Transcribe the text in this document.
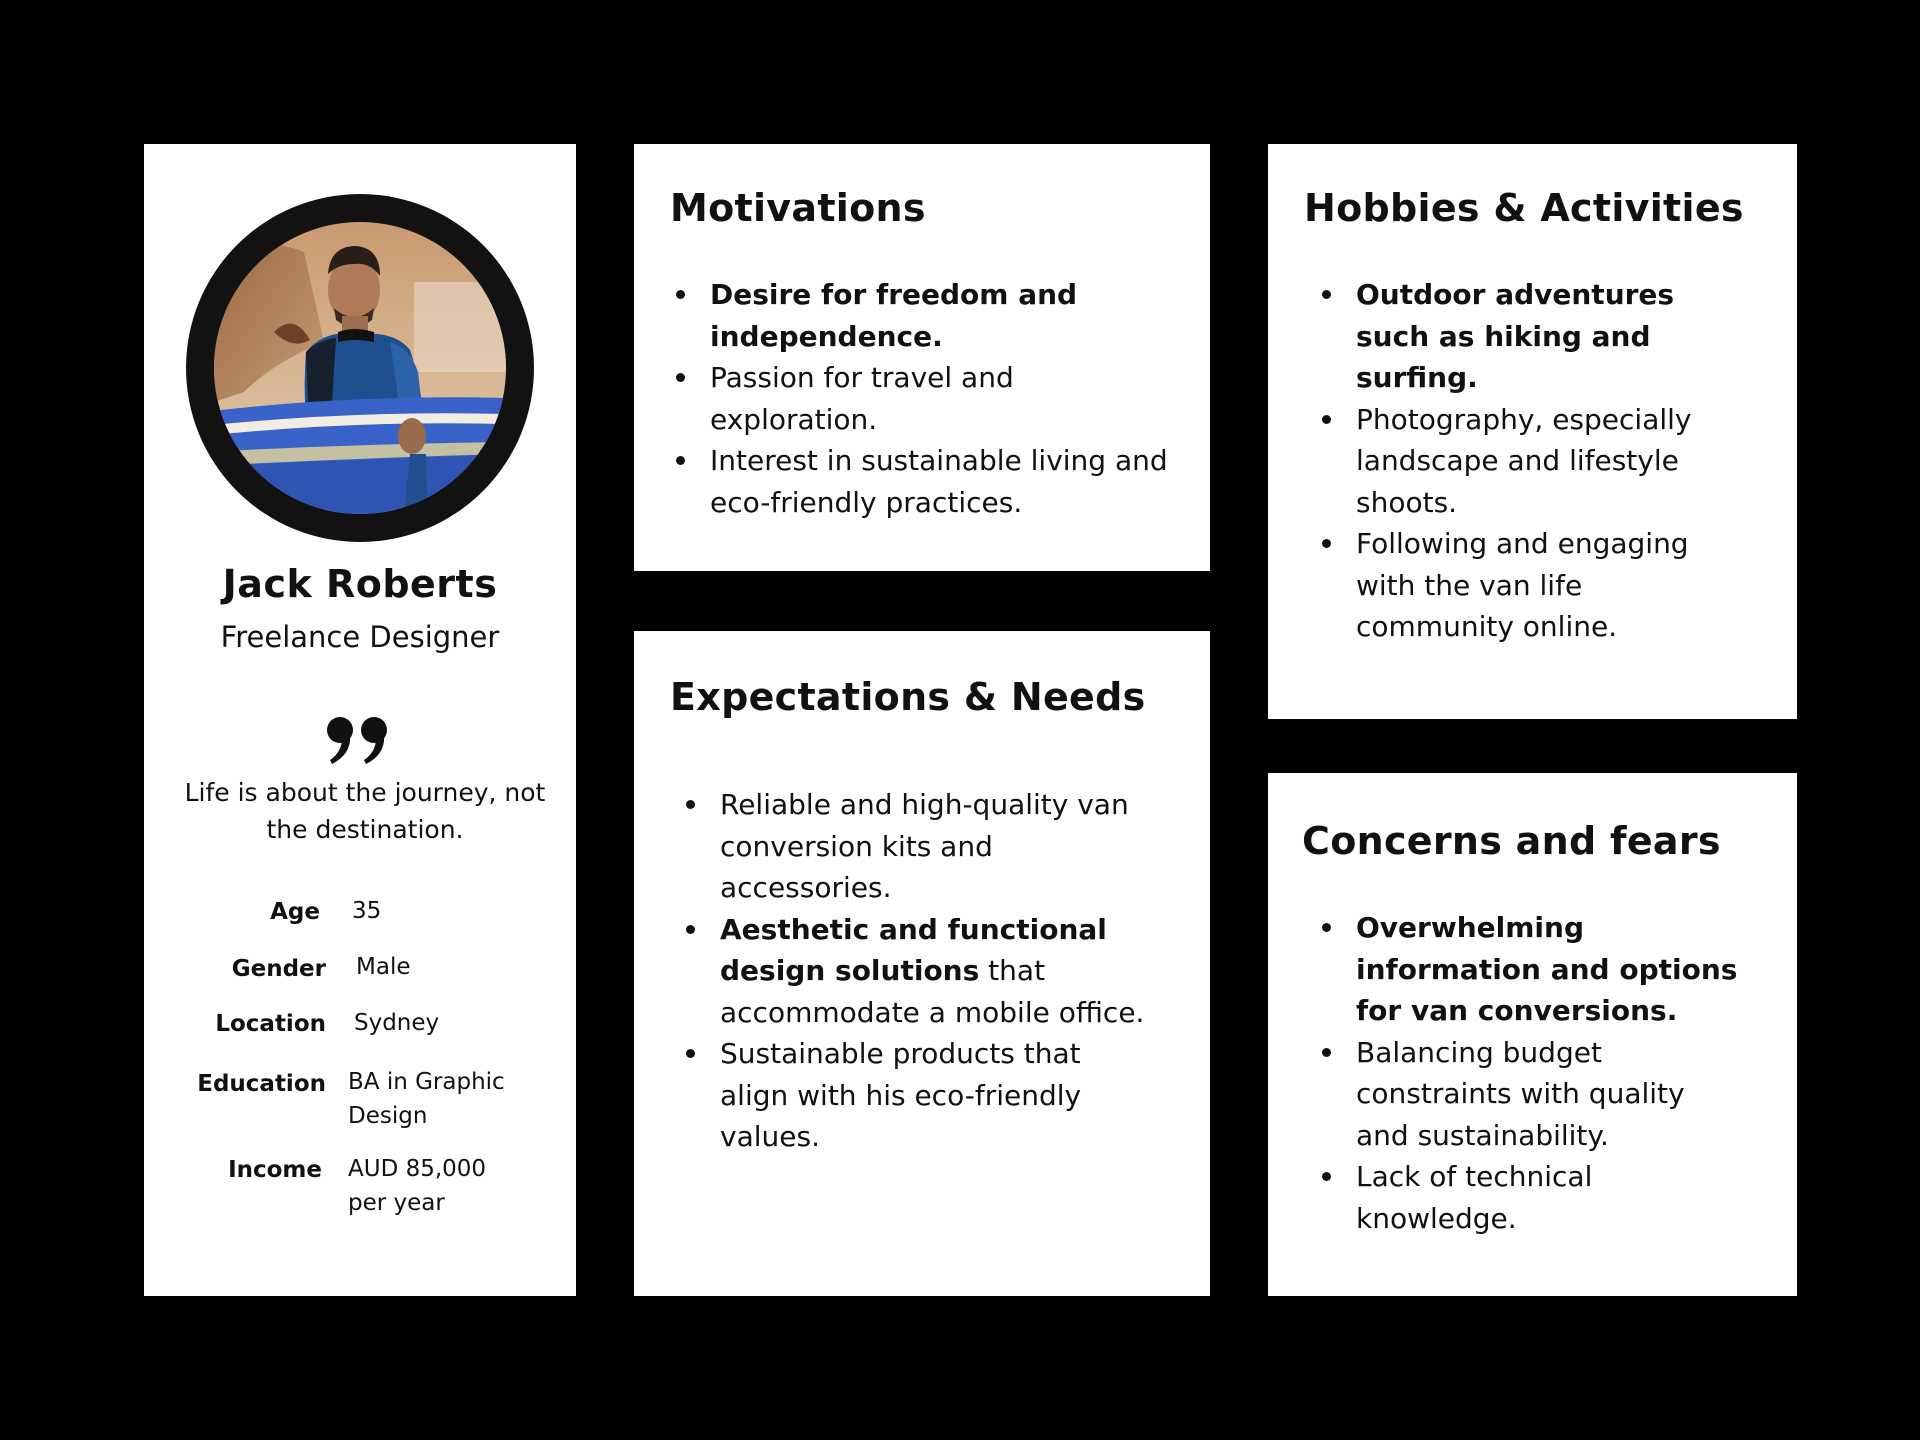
Jack Roberts
Freelance Designer
Life is about the journey, not the destination.
Age 35
Gender Male
Location Sydney
Education BA in Graphic Design
Income AUD 85,000 per year
Motivations
Desire for freedom and independence.
Passion for travel and exploration.
Interest in sustainable living and eco-friendly practices.
Expectations & Needs
Reliable and high-quality van conversion kits and accessories.
Aesthetic and functional design solutions that accommodate a mobile office.
Sustainable products that align with his eco-friendly values.
Hobbies & Activities
Outdoor adventures such as hiking and surfing.
Photography, especially landscape and lifestyle shoots.
Following and engaging with the van life community online.
Concerns and fears
Overwhelming information and options for van conversions.
Balancing budget constraints with quality and sustainability.
Lack of technical knowledge.
